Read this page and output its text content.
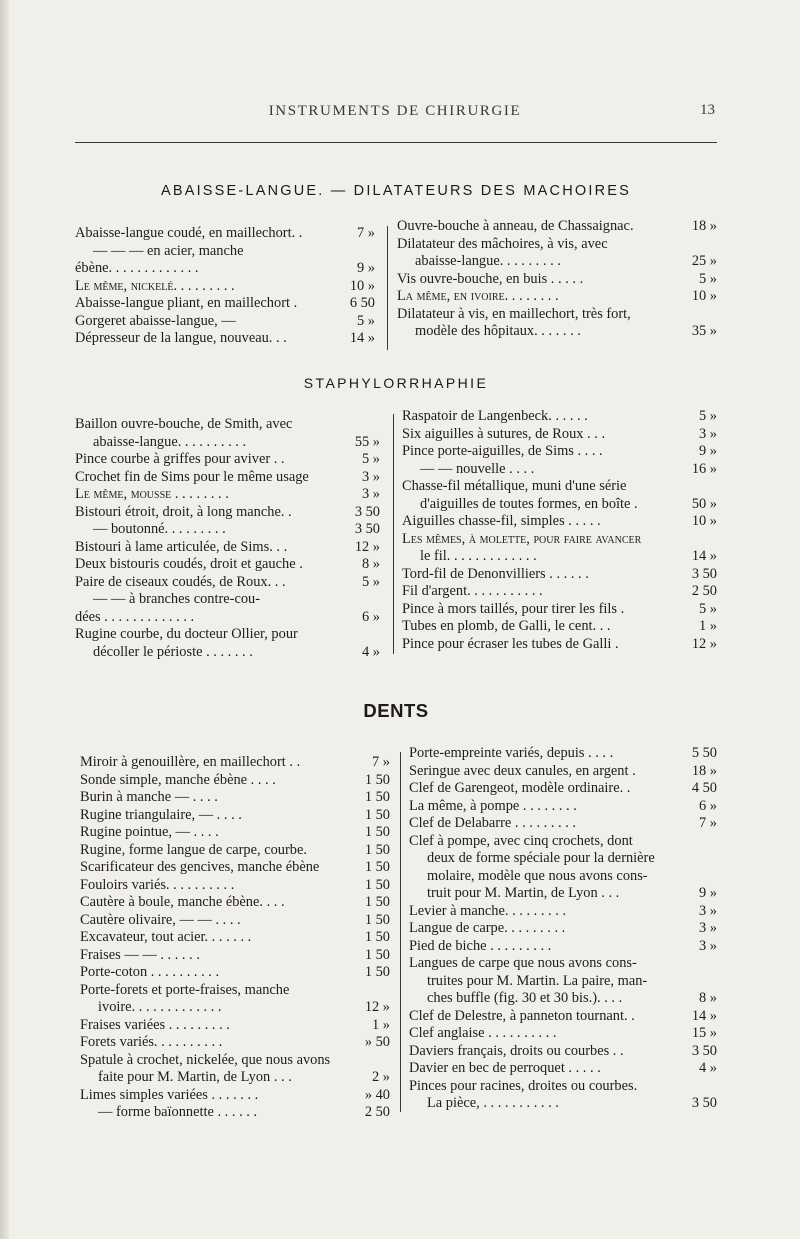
INSTRUMENTS DE CHIRURGIE	13
ABAISSE-LANGUE. — DILATATEURS DES MACHOIRES
Abaisse-langue coudé, en maillechort. .	7 »
— — — en acier, manche
ébène. . . . . . . . . . . . .	9 »
Le même, nickelé. . . . . . . . .	10 »
Abaisse-langue pliant, en maillechort .	6 50
Gorgeret abaisse-langue, —	5 »
Dépresseur de la langue, nouveau. . .	14 »
Ouvre-bouche à anneau, de Chassaignac.	18 »
Dilatateur des mâchoires, à vis, avec
abaisse-langue. . . . . . . . .	25 »
Vis ouvre-bouche, en buis . . . . .	5 »
La même, en ivoire. . . . . . . .	10 »
Dilatateur à vis, en maillechort, très fort,
modèle des hôpitaux. . . . . . .	35 »
STAPHYLORRHAPHIE
Baillon ouvre-bouche, de Smith, avec
abaisse-langue. . . . . . . . . .	55 »
Pince courbe à griffes pour aviver . .	5 »
Crochet fin de Sims pour le même usage	3 »
Le même, mousse . . . . . . . .	3 »
Bistouri étroit, droit, à long manche. .	3 50
— boutonné. . . . . . . . .	3 50
Bistouri à lame articulée, de Sims. . .	12 »
Deux bistouris coudés, droit et gauche .	8 »
Paire de ciseaux coudés, de Roux. . .	5 »
— — à branches contre-cou-
dées . . . . . . . . . . . . .	6 »
Rugine courbe, du docteur Ollier, pour
décoller le périoste . . . . . . .	4 »
Raspatoir de Langenbeck. . . . . .	5 »
Six aiguilles à sutures, de Roux . . .	3 »
Pince porte-aiguilles, de Sims . . . .	9 »
— — nouvelle . . . .	16 »
Chasse-fil métallique, muni d'une série
d'aiguilles de toutes formes, en boîte .	50 »
Aiguilles chasse-fil, simples . . . . .	10 »
Les mêmes, à molette, pour faire avancer
le fil. . . . . . . . . . . . .	14 »
Tord-fil de Denonvilliers . . . . . .	3 50
Fil d'argent. . . . . . . . . . .	2 50
Pince à mors taillés, pour tirer les fils .	5 »
Tubes en plomb, de Galli, le cent. . .	1 »
Pince pour écraser les tubes de Galli .	12 »
DENTS
Miroir à genouillère, en maillechort . .	7 »
Sonde simple, manche ébène . . . .	1 50
Burin à manche — . . . .	1 50
Rugine triangulaire, — . . . .	1 50
Rugine pointue, — . . . .	1 50
Rugine, forme langue de carpe, courbe.	1 50
Scarificateur des gencives, manche ébène	1 50
Fouloirs variés. . . . . . . . . .	1 50
Cautère à boule, manche ébène. . . .	1 50
Cautère olivaire, — — . . . .	1 50
Excavateur, tout acier. . . . . . .	1 50
Fraises — — . . . . . .	1 50
Porte-coton . . . . . . . . . .	1 50
Porte-forets et porte-fraises, manche
ivoire. . . . . . . . . . . . .	12 »
Fraises variées . . . . . . . . .	1 »
Forets variés. . . . . . . . . .	» 50
Spatule à crochet, nickelée, que nous avons
faite pour M. Martin, de Lyon . . .	2 »
Limes simples variées . . . . . . .	» 40
— forme baïonnette . . . . . .	2 50
Porte-empreinte variés, depuis . . . .	5 50
Seringue avec deux canules, en argent .	18 »
Clef de Garengeot, modèle ordinaire. .	4 50
La même, à pompe . . . . . . . .	6 »
Clef de Delabarre . . . . . . . . .	7 »
Clef à pompe, avec cinq crochets, dont
deux de forme spéciale pour la dernière
molaire, modèle que nous avons cons-
truit pour M. Martin, de Lyon . . .	9 »
Levier à manche. . . . . . . . .	3 »
Langue de carpe. . . . . . . . .	3 »
Pied de biche . . . . . . . . .	3 »
Langues de carpe que nous avons cons-
truites pour M. Martin. La paire, man-
ches buffle (fig. 30 et 30 bis.). . . .	8 »
Clef de Delestre, à panneton tournant. .	14 »
Clef anglaise . . . . . . . . . .	15 »
Daviers français, droits ou courbes . .	3 50
Davier en bec de perroquet . . . . .	4 »
Pinces pour racines, droites ou courbes.
La pièce, . . . . . . . . . . .	3 50
